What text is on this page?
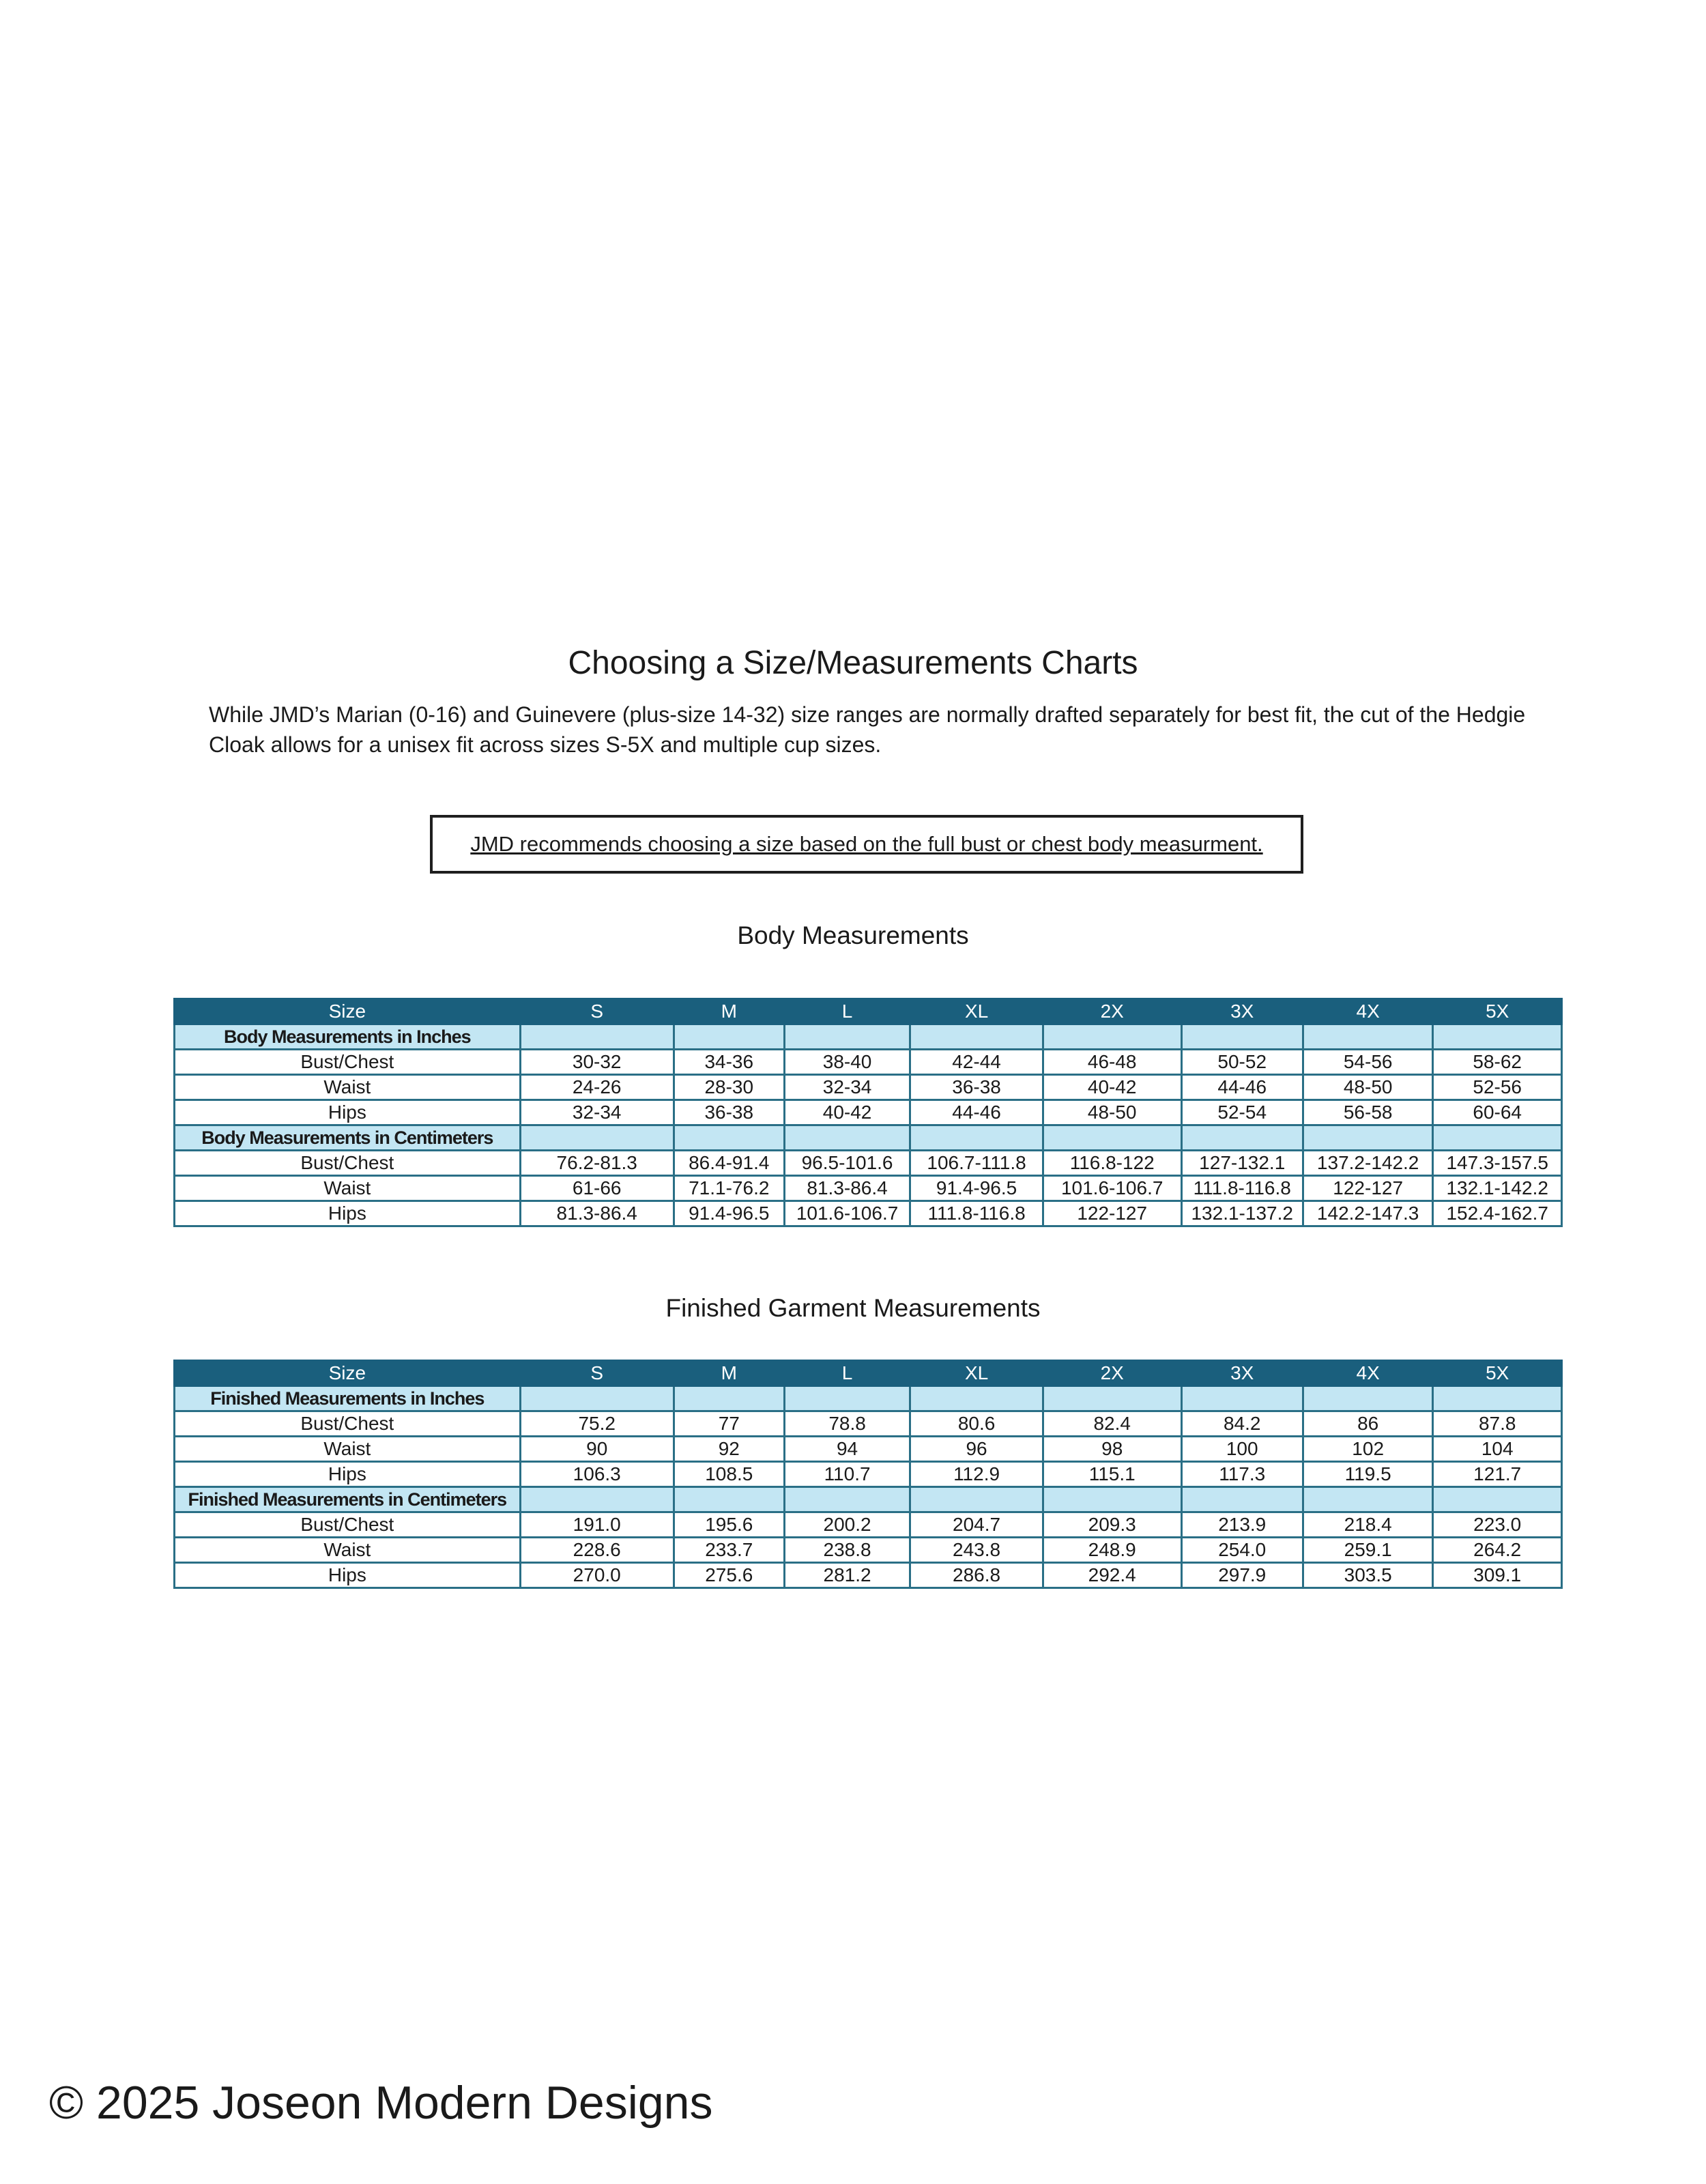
Choosing a Size/Measurements Charts

While JMD’s Marian (0-16) and Guinevere (plus-size 14-32) size ranges are normally drafted separately for best fit, the cut of the Hedgie Cloak allows for a unisex fit across sizes S-5X and multiple cup sizes.

JMD recommends choosing a size based on the full bust or chest body measurment.
Body Measurements
Size	S	M	L	XL	2X	3X	4X	5X
Body Measurements in Inches								
Bust/Chest	30-32	34-36	38-40	42-44	46-48	50-52	54-56	58-62
Waist	24-26	28-30	32-34	36-38	40-42	44-46	48-50	52-56
Hips	32-34	36-38	40-42	44-46	48-50	52-54	56-58	60-64
Body Measurements in Centimeters								
Bust/Chest	76.2-81.3	86.4-91.4	96.5-101.6	106.7-111.8	116.8-122	127-132.1	137.2-142.2	147.3-157.5
Waist	61-66	71.1-76.2	81.3-86.4	91.4-96.5	101.6-106.7	111.8-116.8	122-127	132.1-142.2
Hips	81.3-86.4	91.4-96.5	101.6-106.7	111.8-116.8	122-127	132.1-137.2	142.2-147.3	152.4-162.7
Finished Garment Measurements
Size	S	M	L	XL	2X	3X	4X	5X
Finished Measurements in Inches								
Bust/Chest	75.2	77	78.8	80.6	82.4	84.2	86	87.8
Waist	90	92	94	96	98	100	102	104
Hips	106.3	108.5	110.7	112.9	115.1	117.3	119.5	121.7
Finished Measurements in Centimeters								
Bust/Chest	191.0	195.6	200.2	204.7	209.3	213.9	218.4	223.0
Waist	228.6	233.7	238.8	243.8	248.9	254.0	259.1	264.2
Hips	270.0	275.6	281.2	286.8	292.4	297.9	303.5	309.1

© 2025 Joseon Modern Designs
